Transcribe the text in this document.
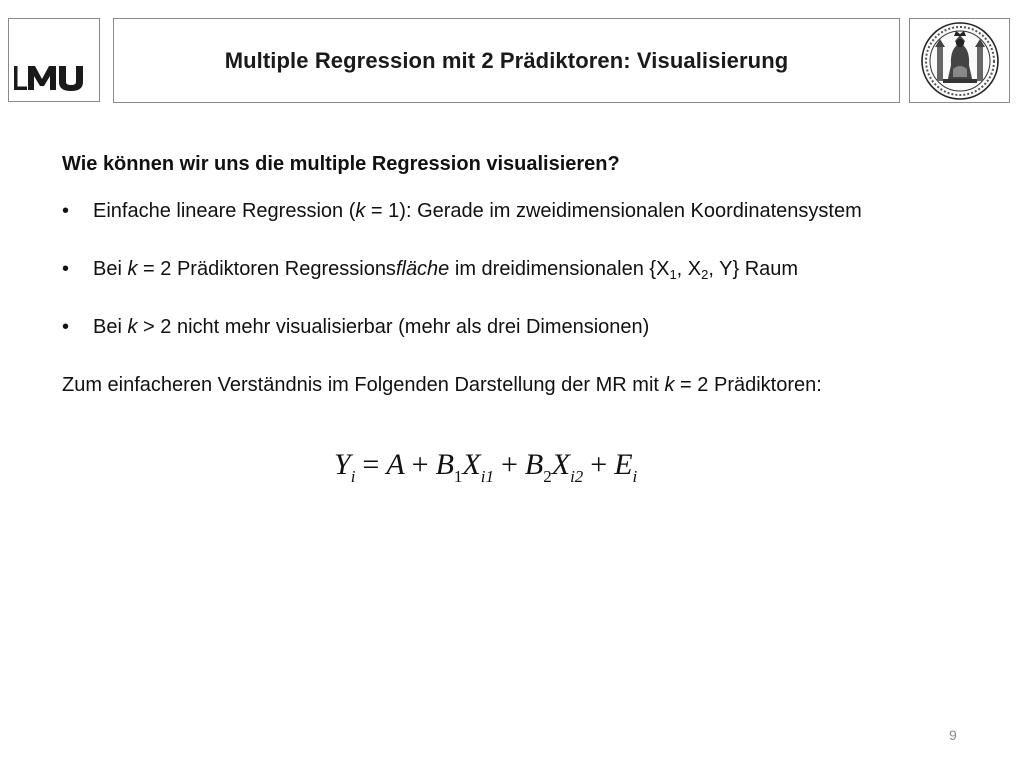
LMU
Multiple Regression mit 2 Prädiktoren: Visualisierung

Wie können wir uns die multiple Regression visualisieren?

• Einfache lineare Regression (k = 1): Gerade im zweidimensionalen Koordinatensystem

• Bei k = 2 Prädiktoren Regressionsfläche im dreidimensionalen {$X_1$, $X_2$, Y} Raum

• Bei k > 2 nicht mehr visualisierbar (mehr als drei Dimensionen)

Zum einfacheren Verständnis im Folgenden Darstellung der MR mit k = 2 Prädiktoren:

$Y_i = A + B_1X_{i1} + B_2X_{i2} + E_i$
9
